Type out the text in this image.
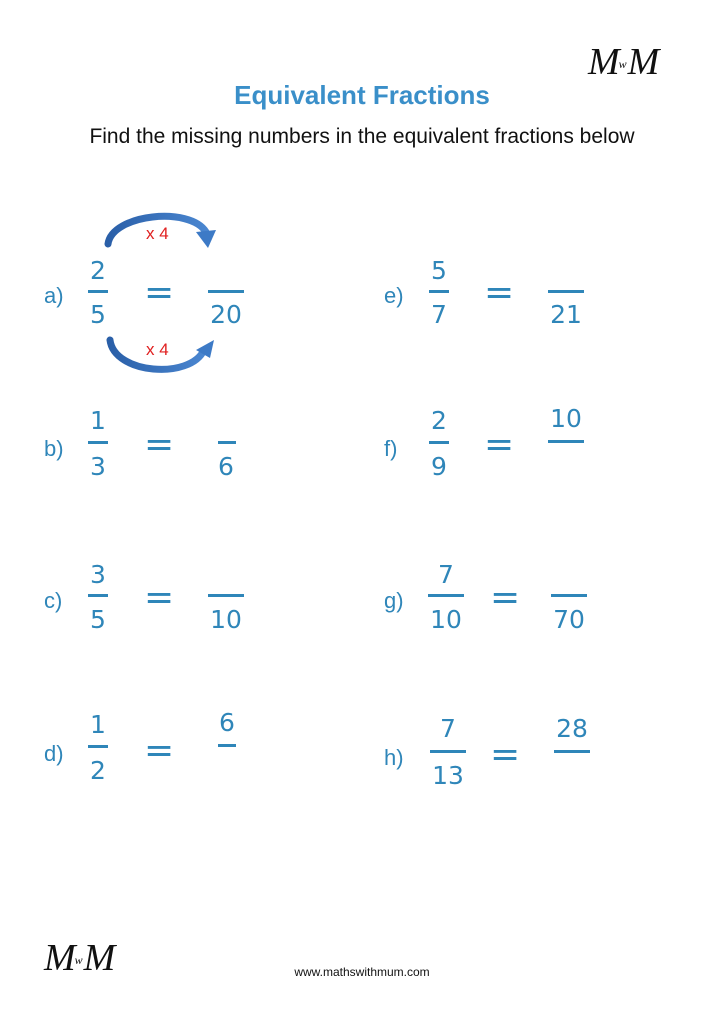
MwM
MwM
Equivalent Fractions
Find the missing numbers in the equivalent fractions below
x 4
x 4
a)
2
5
=
20
b)
1
3
=
6
c)
3
5
=
10
d)
1
2	=
6
e)
5
7
=
21
f)
2
9
=
10
g)
7
10
=
70
h)
7
13
=
28
www.mathswithmum.com
